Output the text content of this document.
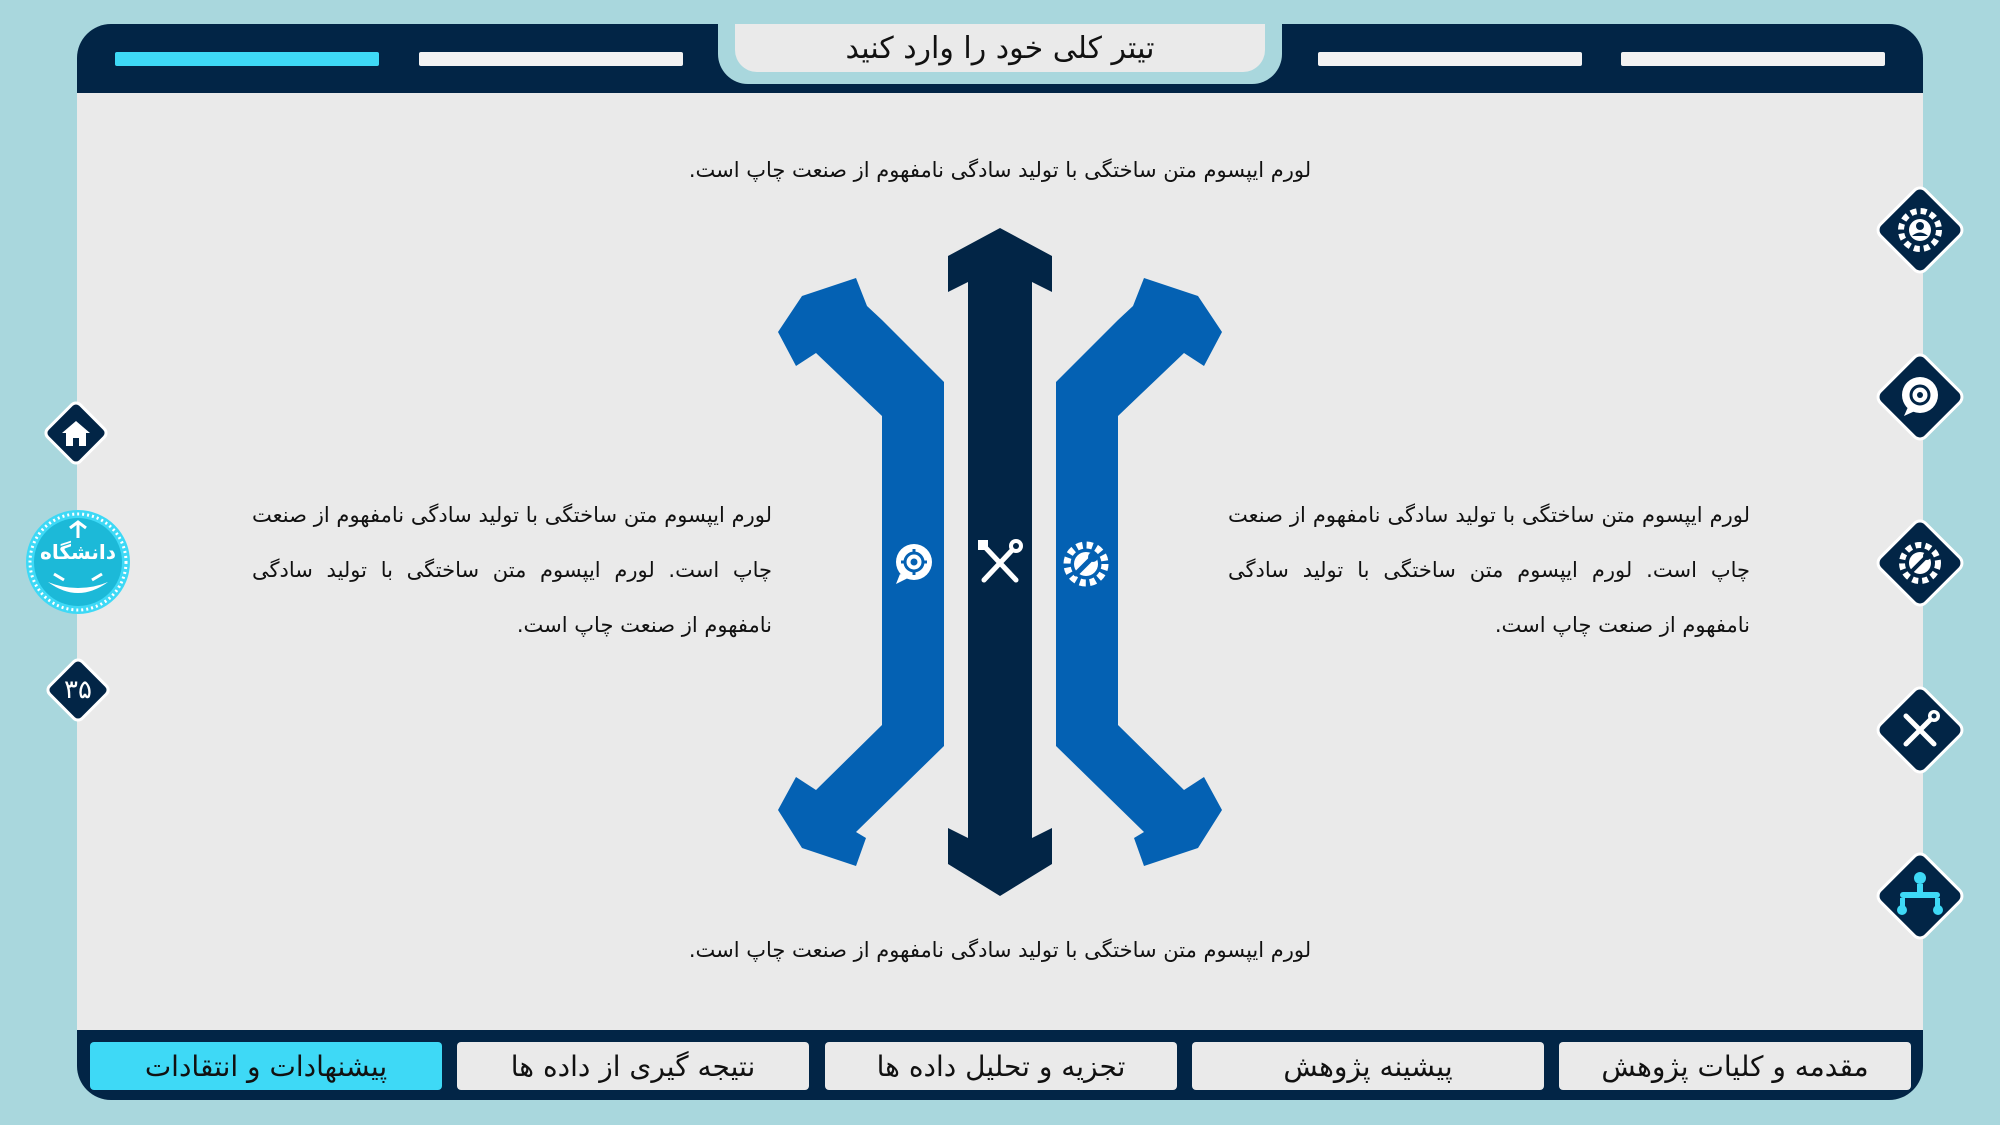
تیتر کلی خود را وارد کنید
لورم ایپسوم متن ساختگی با تولید سادگی نامفهوم از صنعت چاپ است.
لورم ایپسوم متن ساختگی با تولید سادگی نامفهوم از صنعت چاپ است.
لورم ایپسوم متن ساختگی با تولید سادگی نامفهوم از صنعت چاپ است. لورم ایپسوم متن ساختگی با تولید سادگی نامفهوم از صنعت چاپ است.
لورم ایپسوم متن ساختگی با تولید سادگی نامفهوم از صنعت چاپ است. لورم ایپسوم متن ساختگی با تولید سادگی نامفهوم از صنعت چاپ است.
دانشگاه
۳۵
مقدمه و کلیات پژوهش
پیشینه پژوهش
تجزیه و تحلیل داده ها
نتیجه گیری از داده ها
پیشنهادات و انتقادات
